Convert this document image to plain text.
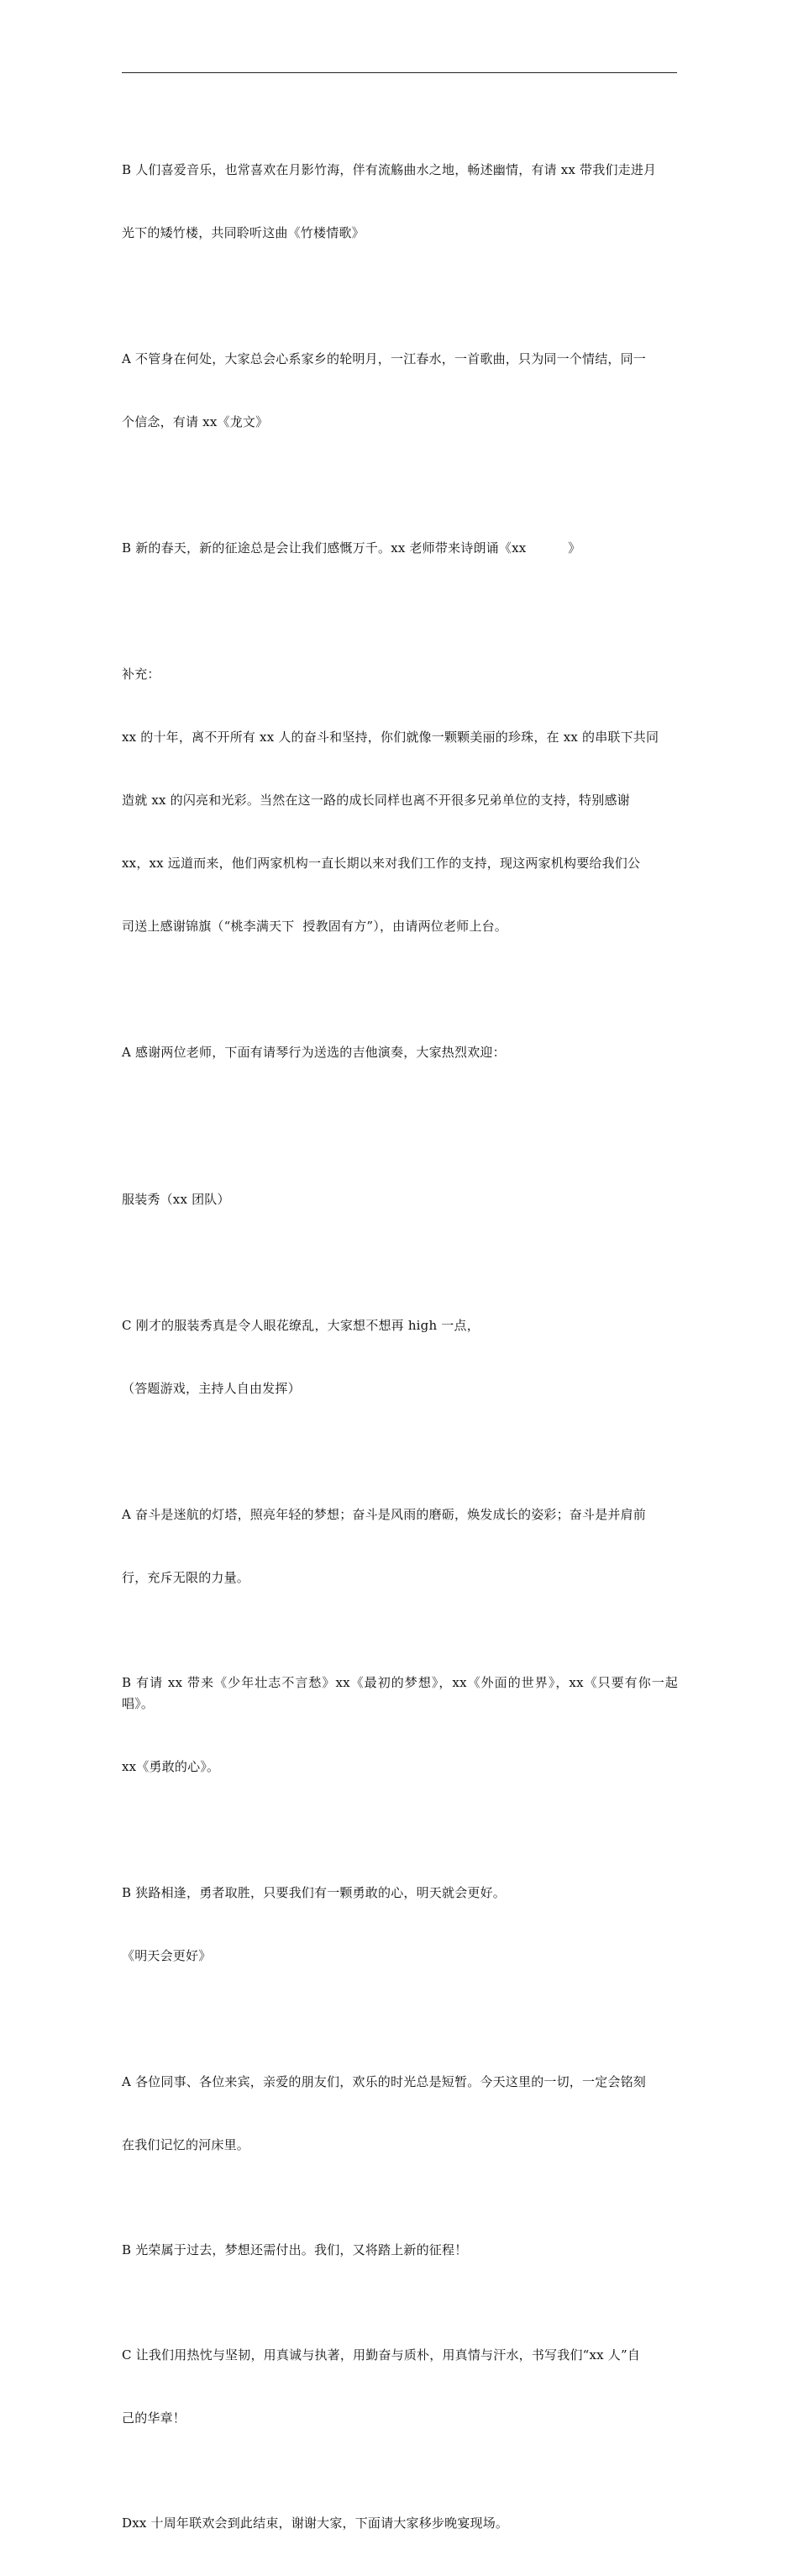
B 人们喜爱音乐，也常喜欢在月影竹海，伴有流觞曲水之地，畅述幽情，有请 xx 带我们走进月

光下的矮竹楼，共同聆听这曲《竹楼情歌》

A 不管身在何处，大家总会心系家乡的轮明月，一江春水，一首歌曲，只为同一个情结，同一

个信念，有请 xx《龙文》

B 新的春天，新的征途总是会让我们感慨万千。xx 老师带来诗朗诵《xx          》

补充：

xx 的十年，离不开所有 xx 人的奋斗和坚持，你们就像一颗颗美丽的珍珠，在 xx 的串联下共同

造就 xx 的闪亮和光彩。当然在这一路的成长同样也离不开很多兄弟单位的支持，特别感谢

xx，xx 远道而来，他们两家机构一直长期以来对我们工作的支持，现这两家机构要给我们公

司送上感谢锦旗（“桃李满天下  授教固有方”），由请两位老师上台。

A 感谢两位老师，下面有请琴行为送选的吉他演奏，大家热烈欢迎：

服装秀（xx 团队）

C 刚才的服装秀真是令人眼花缭乱，大家想不想再 high 一点，

（答题游戏，主持人自由发挥）

A 奋斗是迷航的灯塔，照亮年轻的梦想；奋斗是风雨的磨砺，焕发成长的姿彩；奋斗是并肩前

行，充斥无限的力量。

B 有请 xx 带来《少年壮志不言愁》xx《最初的梦想》，xx《外面的世界》，xx《只要有你一起唱》。

xx《勇敢的心》。

B 狭路相逢，勇者取胜，只要我们有一颗勇敢的心，明天就会更好。

《明天会更好》

A 各位同事、各位来宾，亲爱的朋友们，欢乐的时光总是短暂。今天这里的一切，一定会铭刻

在我们记忆的河床里。

B 光荣属于过去，梦想还需付出。我们，又将踏上新的征程！

C 让我们用热忱与坚韧，用真诚与执著，用勤奋与质朴，用真情与汗水，书写我们“xx 人”自

己的华章！

Dxx 十周年联欢会到此结束，谢谢大家，下面请大家移步晚宴现场。
